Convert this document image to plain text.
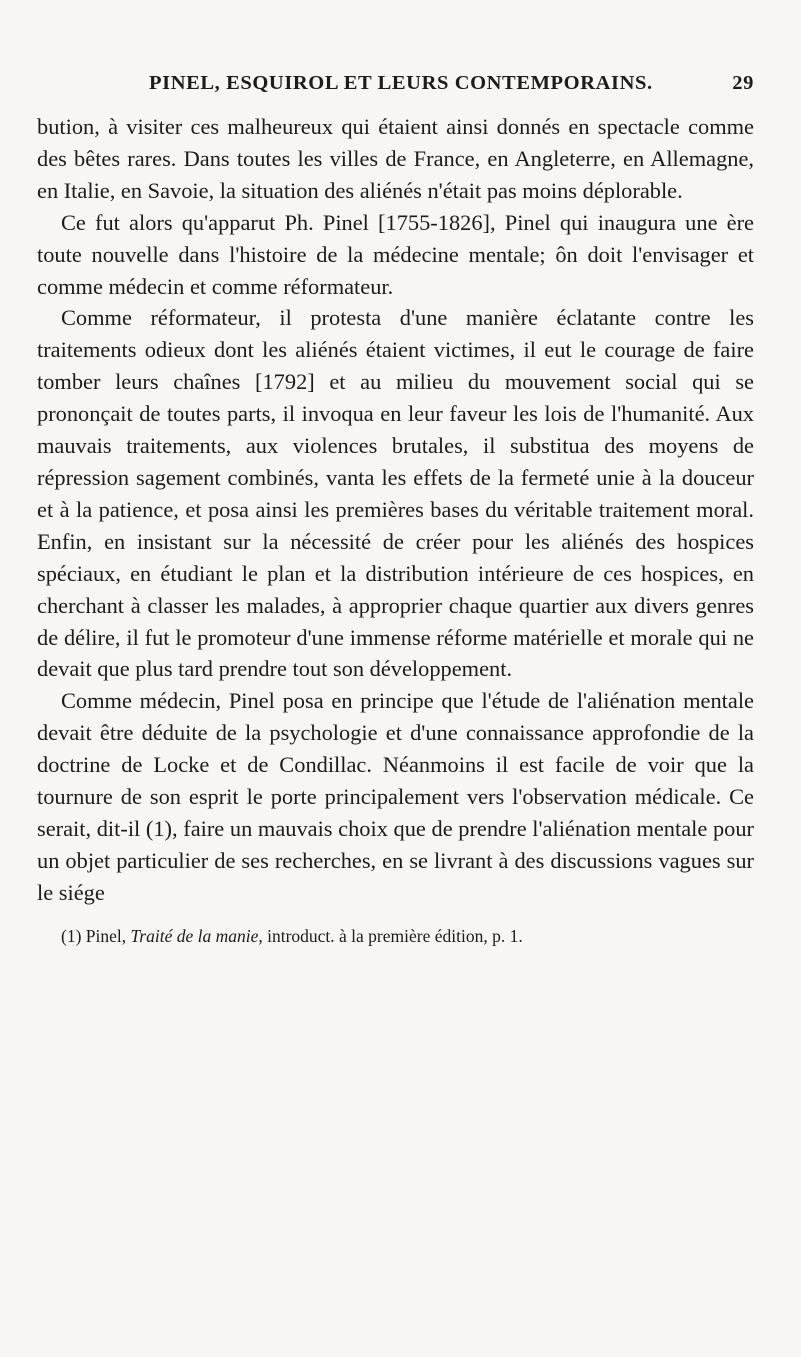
PINEL, ESQUIROL ET LEURS CONTEMPORAINS.	29

bution, à visiter ces malheureux qui étaient ainsi donnés en spectacle comme des bêtes rares. Dans toutes les villes de France, en Angleterre, en Allemagne, en Italie, en Savoie, la situation des aliénés n'était pas moins déplorable.

Ce fut alors qu'apparut Ph. Pinel [1755-1826], Pinel qui inaugura une ère toute nouvelle dans l'histoire de la médecine mentale; ôn doit l'envisager et comme médecin et comme réformateur.

Comme réformateur, il protesta d'une manière éclatante contre les traitements odieux dont les aliénés étaient victimes, il eut le courage de faire tomber leurs chaînes [1792] et au milieu du mouvement social qui se prononçait de toutes parts, il invoqua en leur faveur les lois de l'humanité. Aux mauvais traitements, aux violences brutales, il substitua des moyens de répression sagement combinés, vanta les effets de la fermeté unie à la douceur et à la patience, et posa ainsi les premières bases du véritable traitement moral. Enfin, en insistant sur la nécessité de créer pour les aliénés des hospices spéciaux, en étudiant le plan et la distribution intérieure de ces hospices, en cherchant à classer les malades, à approprier chaque quartier aux divers genres de délire, il fut le promoteur d'une immense réforme matérielle et morale qui ne devait que plus tard prendre tout son développement.

Comme médecin, Pinel posa en principe que l'étude de l'aliénation mentale devait être déduite de la psychologie et d'une connaissance approfondie de la doctrine de Locke et de Condillac. Néanmoins il est facile de voir que la tournure de son esprit le porte principalement vers l'observation médicale. Ce serait, dit-il (1), faire un mauvais choix que de prendre l'aliénation mentale pour un objet particulier de ses recherches, en se livrant à des discussions vagues sur le siége

(1) Pinel, Traité de la manie, introduct. à la première édition, p. 1.
